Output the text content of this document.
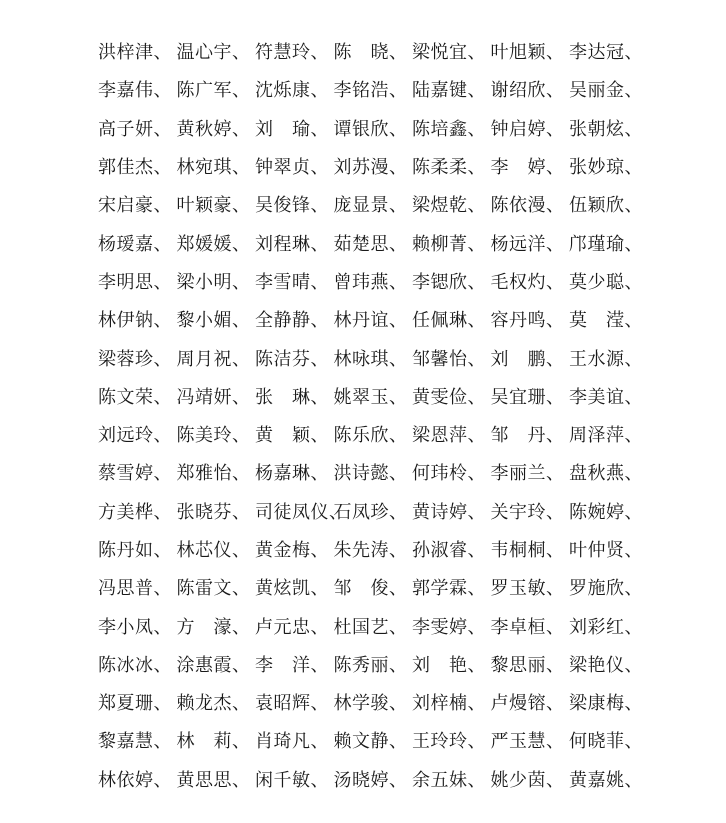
洪梓津、 温心宇、 符慧玲、 陈　晓、 梁悦宜、 叶旭颖、 李达冠、
李嘉伟、 陈广军、 沈烁康、 李铭浩、 陆嘉键、 谢绍欣、 吴丽金、
高子妍、 黄秋婷、 刘　瑜、 谭银欣、 陈培鑫、 钟启婷、 张朝炫、
郭佳杰、 林宛琪、 钟翠贞、 刘苏漫、 陈柔柔、 李　婷、 张妙琼、
宋启豪、 叶颖豪、 吴俊锋、 庞显景、 梁煜乾、 陈依漫、 伍颖欣、
杨瑷嘉、 郑媛媛、 刘程琳、 茹楚思、 赖柳菁、 杨远洋、 邝瑾瑜、
李明思、 梁小明、 李雪晴、 曾玮燕、 李锶欣、 毛权灼、 莫少聪、
林伊钠、 黎小媚、 全静静、 林丹谊、 任佩琳、 容丹鸣、 莫　滢、
梁蓉珍、 周月祝、 陈洁芬、 林咏琪、 邹馨怡、 刘　鹏、 王水源、
陈文荣、 冯靖妍、 张　琳、 姚翠玉、 黄雯俭、 吴宜珊、 李美谊、
刘远玲、 陈美玲、 黄　颖、 陈乐欣、 梁恩萍、 邹　丹、 周泽萍、
蔡雪婷、 郑雅怡、 杨嘉琳、 洪诗懿、 何玮柃、 李丽兰、 盘秋燕、
方美桦、 张晓芬、 司徒凤仪、
石凤珍、 黄诗婷、 关宇玲、 陈婉婷、
陈丹如、 林芯仪、 黄金梅、 朱先涛、 孙淑睿、 韦桐桐、 叶仲贤、
冯思普、 陈雷文、 黄炫凯、 邹　俊、 郭学霖、 罗玉敏、 罗施欣、
李小凤、 方　濠、 卢元忠、 杜国艺、 李雯婷、 李卓桓、 刘彩红、
陈冰冰、 涂惠霞、 李　洋、 陈秀丽、 刘　艳、 黎思丽、 梁艳仪、
郑夏珊、 赖龙杰、 袁昭辉、 林学骏、 刘梓楠、 卢熳镕、 梁康梅、
黎嘉慧、 林　莉、 肖琦凡、 赖文静、 王玲玲、 严玉慧、 何晓菲、
林依婷、 黄思思、 闲千敏、 汤晓婷、 余五妹、 姚少茵、 黄嘉姚、
